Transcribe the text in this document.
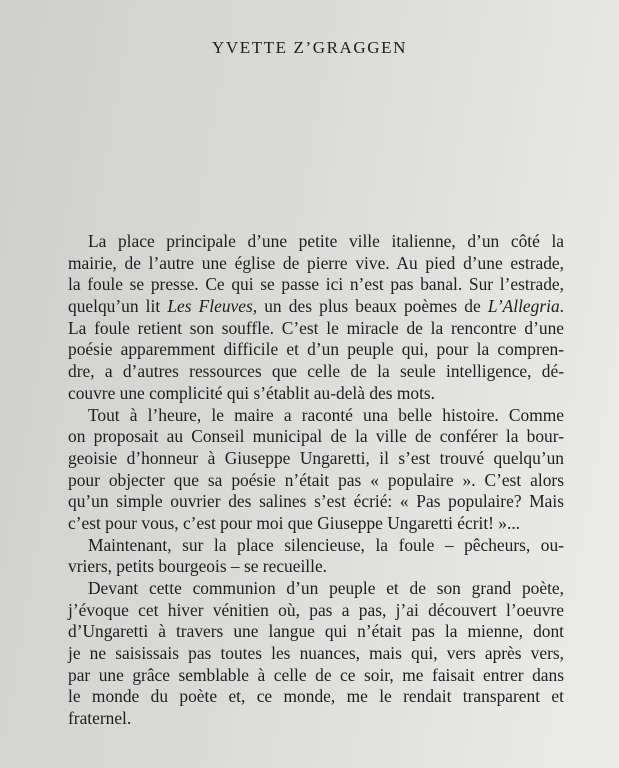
YVETTE Z’GRAGGEN
La place principale d’une petite ville italienne, d’un côté la
mairie, de l’autre une église de pierre vive. Au pied d’une estrade,
la foule se presse. Ce qui se passe ici n’est pas banal. Sur l’estrade,
quelqu’un lit Les Fleuves, un des plus beaux poèmes de L’Allegria.
La foule retient son souffle. C’est le miracle de la rencontre d’une
poésie apparemment difficile et d’un peuple qui, pour la compren-
dre, a d’autres ressources que celle de la seule intelligence, dé-
couvre une complicité qui s’établit au-delà des mots.
Tout à l’heure, le maire a raconté una belle histoire. Comme
on proposait au Conseil municipal de la ville de conférer la bour-
geoisie d’honneur à Giuseppe Ungaretti, il s’est trouvé quelqu’un
pour objecter que sa poésie n’était pas « populaire ». C’est alors
qu’un simple ouvrier des salines s’est écrié: « Pas populaire? Mais
c’est pour vous, c’est pour moi que Giuseppe Ungaretti écrit! »...
Maintenant, sur la place silencieuse, la foule – pêcheurs, ou-
vriers, petits bourgeois – se recueille.
Devant cette communion d’un peuple et de son grand poète,
j’évoque cet hiver vénitien où, pas a pas, j’ai découvert l’oeuvre
d’Ungaretti à travers une langue qui n’était pas la mienne, dont
je ne saisissais pas toutes les nuances, mais qui, vers après vers,
par une grâce semblable à celle de ce soir, me faisait entrer dans
le monde du poète et, ce monde, me le rendait transparent et
fraternel.
